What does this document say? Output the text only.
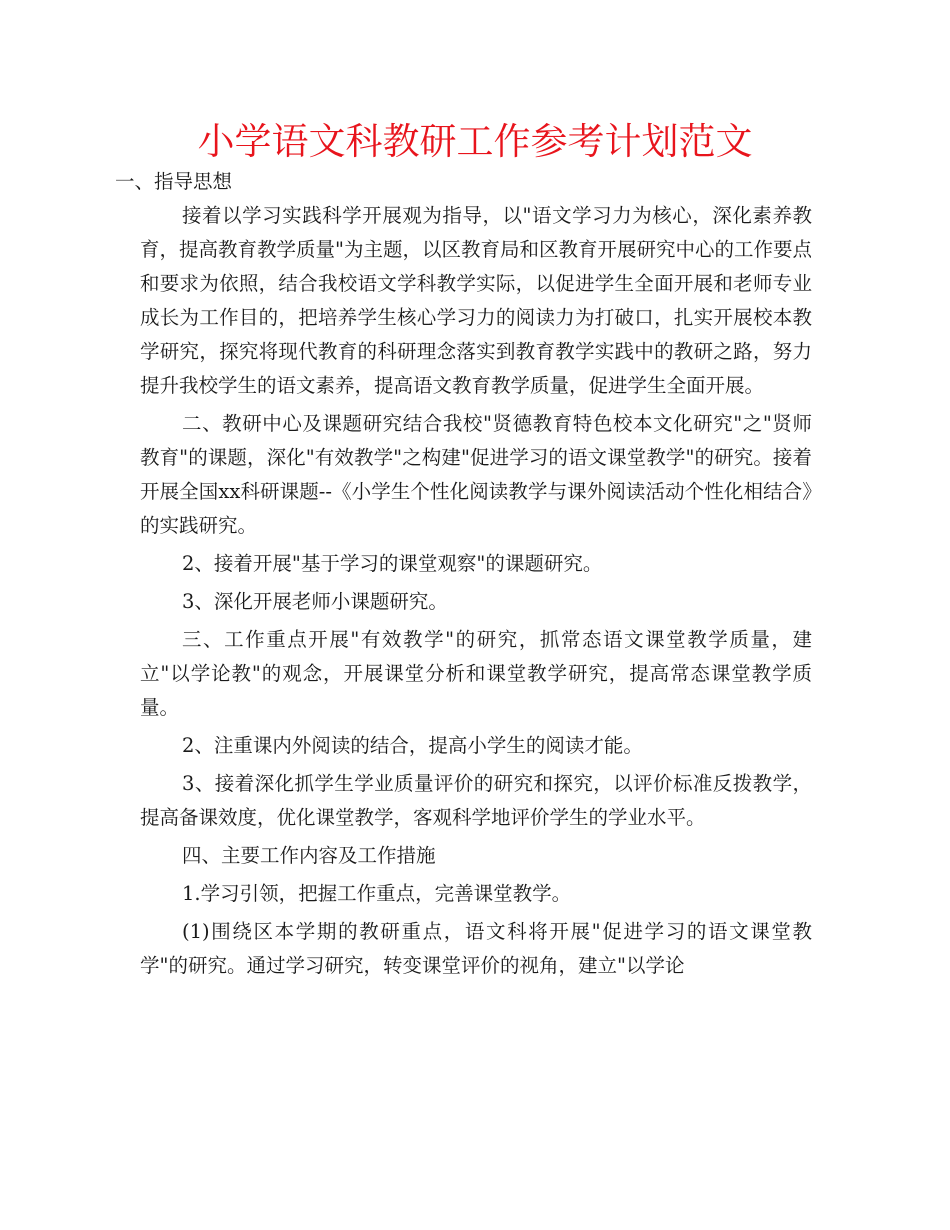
小学语文科教研工作参考计划范文

一、指导思想

接着以学习实践科学开展观为指导，以"语文学习力为核心，深化素养教育，提高教育教学质量"为主题，以区教育局和区教育开展研究中心的工作要点和要求为依照，结合我校语文学科教学实际，以促进学生全面开展和老师专业成长为工作目的，把培养学生核心学习力的阅读力为打破口，扎实开展校本教学研究，探究将现代教育的科研理念落实到教育教学实践中的教研之路，努力提升我校学生的语文素养，提高语文教育教学质量，促进学生全面开展。

二、教研中心及课题研究结合我校"贤德教育特色校本文化研究"之"贤师教育"的课题，深化"有效教学"之构建"促进学习的语文课堂教学"的研究。接着开展全国xx科研课题--《小学生个性化阅读教学与课外阅读活动个性化相结合》的实践研究。

2、接着开展"基于学习的课堂观察"的课题研究。

3、深化开展老师小课题研究。

三、工作重点开展"有效教学"的研究，抓常态语文课堂教学质量，建立"以学论教"的观念，开展课堂分析和课堂教学研究，提高常态课堂教学质量。

2、注重课内外阅读的结合，提高小学生的阅读才能。

3、接着深化抓学生学业质量评价的研究和探究，以评价标准反拨教学，提高备课效度，优化课堂教学，客观科学地评价学生的学业水平。

四、主要工作内容及工作措施

1.学习引领，把握工作重点，完善课堂教学。

(1)围绕区本学期的教研重点，语文科将开展"促进学习的语文课堂教学"的研究。通过学习研究，转变课堂评价的视角，建立"以学论
